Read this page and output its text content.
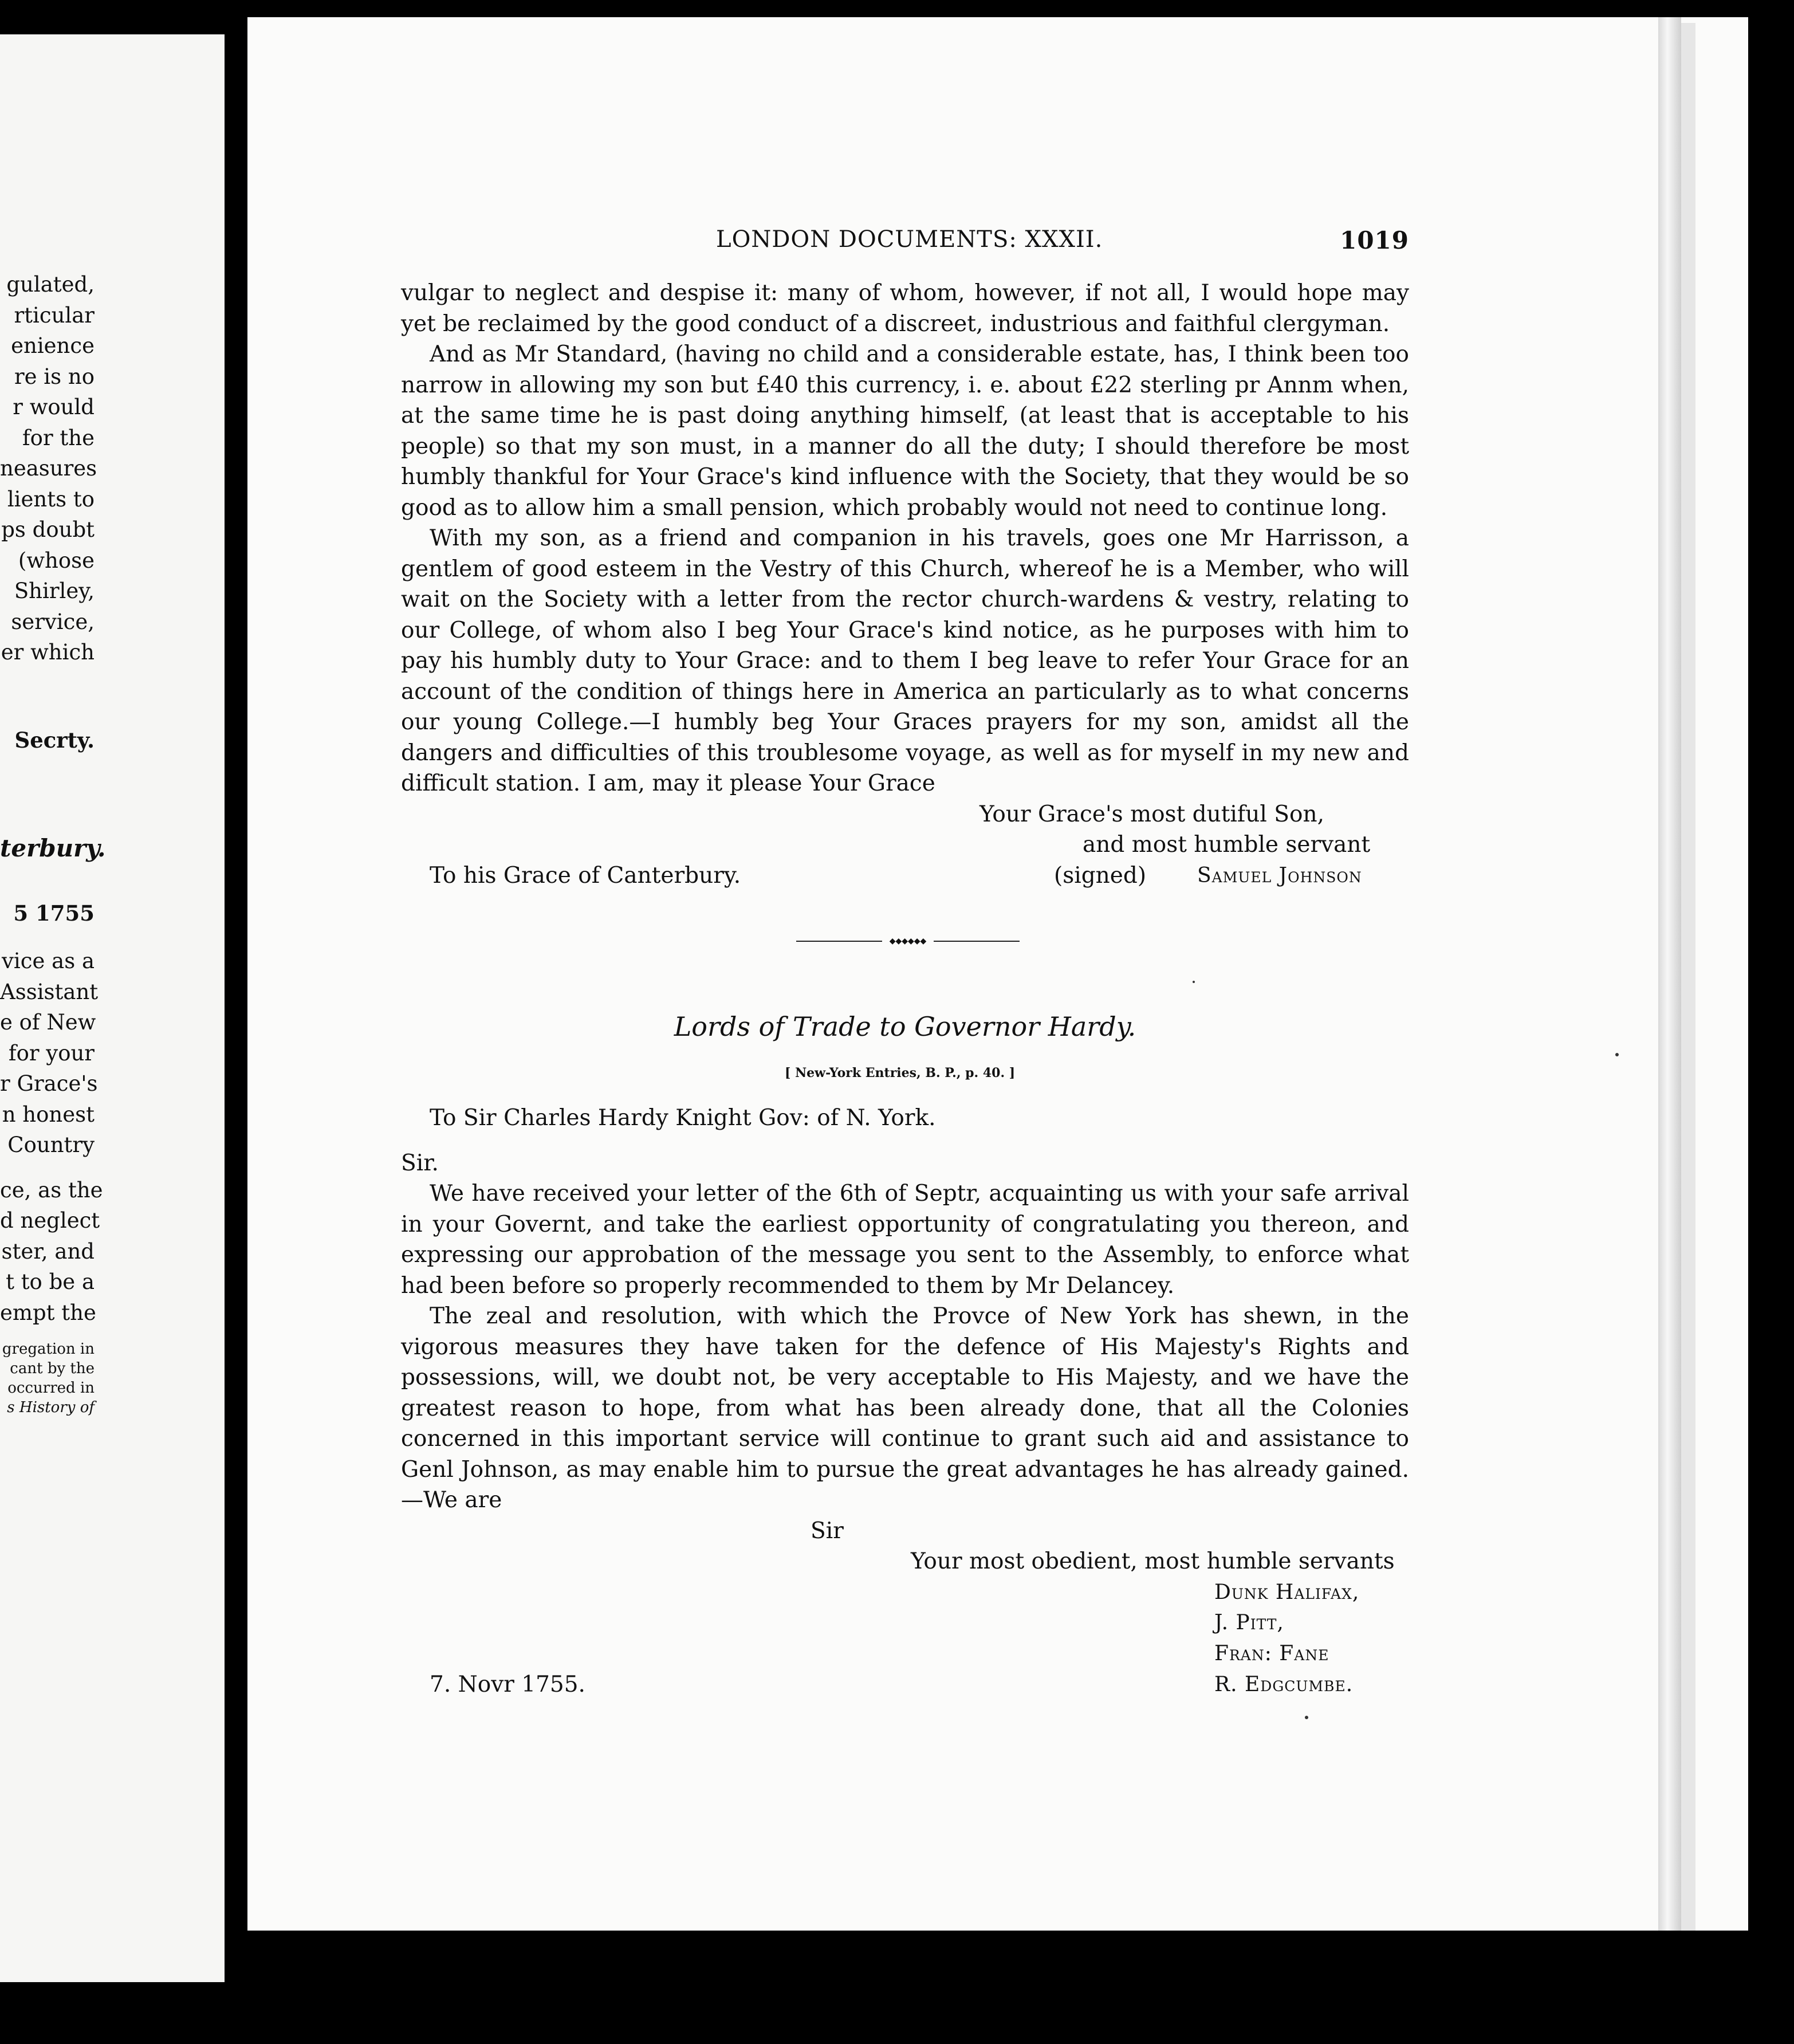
gulated,
rticular
enience
re is no
r would
for the
neasures
lients to
ps doubt
(whose
Shirley,
service,
er which
Secrty.
terbury.
5 1755
vice as a
Assistant
e of New
for your
r Grace's
n honest
Country
ce, as the
d neglect
ster, and
t to be a
empt the
gregation in
cant by the
occurred in
s History of
LONDON DOCUMENTS: XXXII.	1019

vulgar to neglect and despise it: many of whom, however, if not all, I would hope may yet be reclaimed by the good conduct of a discreet, industrious and faithful clergyman.

And as Mr Standard, (having no child and a considerable estate, has, I think been too narrow in allowing my son but £40 this currency, i. e. about £22 sterling pr Annm when, at the same time he is past doing anything himself, (at least that is acceptable to his people) so that my son must, in a manner do all the duty; I should therefore be most humbly thankful for Your Grace's kind influence with the Society, that they would be so good as to allow him a small pension, which probably would not need to continue long.

With my son, as a friend and companion in his travels, goes one Mr Harrisson, a gentlem of good esteem in the Vestry of this Church, whereof he is a Member, who will wait on the Society with a letter from the rector church-wardens & vestry, relating to our College, of whom also I beg Your Grace's kind notice, as he purposes with him to pay his humbly duty to Your Grace: and to them I beg leave to refer Your Grace for an account of the condition of things here in America an particularly as to what concerns our young College.—I humbly beg Your Graces prayers for my son, amidst all the dangers and difficulties of this troublesome voyage, as well as for myself in my new and difficult station. I am, may it please Your Grace

Your Grace's most dutiful Son,
and most humble servant
To his Grace of Canterbury.	(signed) Samuel Johnson
◆◆◆◆◆◆
Lords of Trade to Governor Hardy.
[ New-York Entries, B. P., p. 40. ]

To Sir Charles Hardy Knight Gov: of N. York.

Sir.

We have received your letter of the 6th of Septr, acquainting us with your safe arrival in your Governt, and take the earliest opportunity of congratulating you thereon, and expressing our approbation of the message you sent to the Assembly, to enforce what had been before so properly recommended to them by Mr Delancey.

The zeal and resolution, with which the Provce of New York has shewn, in the vigorous measures they have taken for the defence of His Majesty's Rights and possessions, will, we doubt not, be very acceptable to His Majesty, and we have the greatest reason to hope, from what has been already done, that all the Colonies concerned in this important service will continue to grant such aid and assistance to Genl Johnson, as may enable him to pursue the great advantages he has already gained.—We are

Sir
Your most obedient, most humble servants
Dunk Halifax,
J. Pitt,
Fran: Fane
R. Edgcumbe.
7. Novr 1755.
